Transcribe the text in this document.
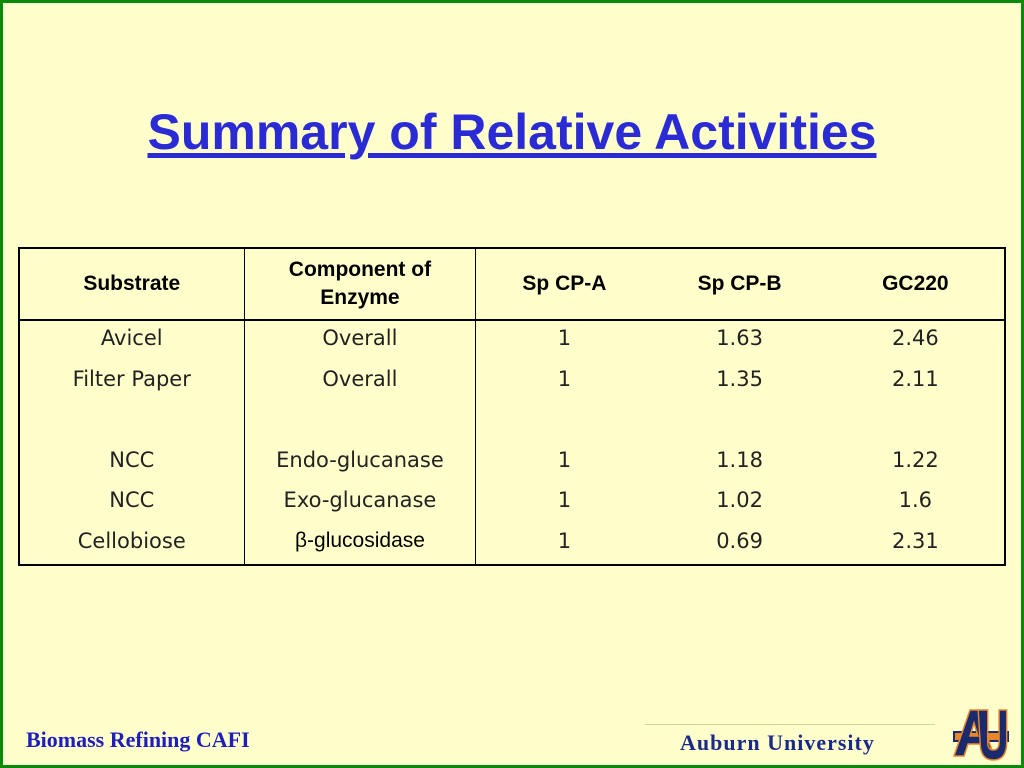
Summary of Relative Activities
Substrate	Component of Enzyme	Sp CP-A	Sp CP-B	GC220
Avicel	Overall	1	1.63	2.46
Filter Paper	Overall	1	1.35	2.11

NCC	Endo-glucanase	1	1.18	1.22
NCC	Exo-glucanase	1	1.02	1.6
Cellobiose	β-glucosidase	1	0.69	2.31
Biomass Refining CAFI	Auburn University
